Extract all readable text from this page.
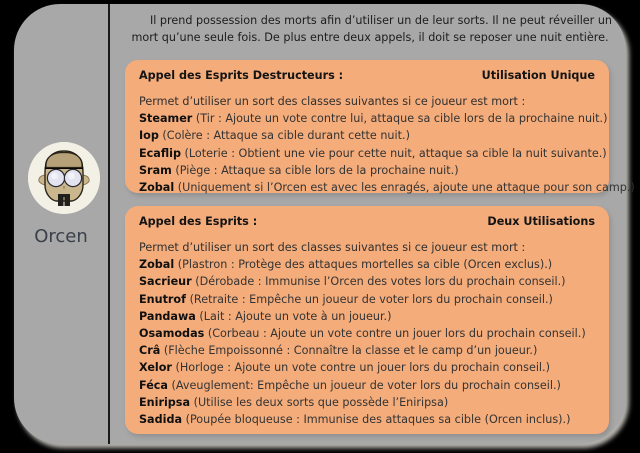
Orcen
Il prend possession des morts afin d’utiliser un de leur sorts. Il ne peut réveiller un
mort qu’une seule fois. De plus entre deux appels, il doit se reposer une nuit entière.
Appel des Esprits Destructeurs :	Utilisation Unique
Permet d’utiliser un sort des classes suivantes si ce joueur est mort :
Steamer (Tir : Ajoute un vote contre lui, attaque sa cible lors de la prochaine nuit.)
Iop (Colère : Attaque sa cible durant cette nuit.)
Ecaflip (Loterie : Obtient une vie pour cette nuit, attaque sa cible la nuit suivante.)
Sram (Piège : Attaque sa cible lors de la prochaine nuit.)
Zobal (Uniquement si l’Orcen est avec les enragés, ajoute une attaque pour son camp.)
Appel des Esprits :	Deux Utilisations
Permet d’utiliser un sort des classes suivantes si ce joueur est mort :
Zobal (Plastron : Protège des attaques mortelles sa cible (Orcen exclus).)
Sacrieur (Dérobade : Immunise l’Orcen des votes lors du prochain conseil.)
Enutrof (Retraite : Empêche un joueur de voter lors du prochain conseil.)
Pandawa (Lait : Ajoute un vote à un joueur.)
Osamodas (Corbeau : Ajoute un vote contre un jouer lors du prochain conseil.)
Crâ (Flèche Empoissonné : Connaître la classe et le camp d’un joueur.)
Xelor (Horloge : Ajoute un vote contre un jouer lors du prochain conseil.)
Féca (Aveuglement: Empêche un joueur de voter lors du prochain conseil.)
Eniripsa (Utilise les deux sorts que possède l’Eniripsa)
Sadida (Poupée bloqueuse : Immunise des attaques sa cible (Orcen inclus).)
